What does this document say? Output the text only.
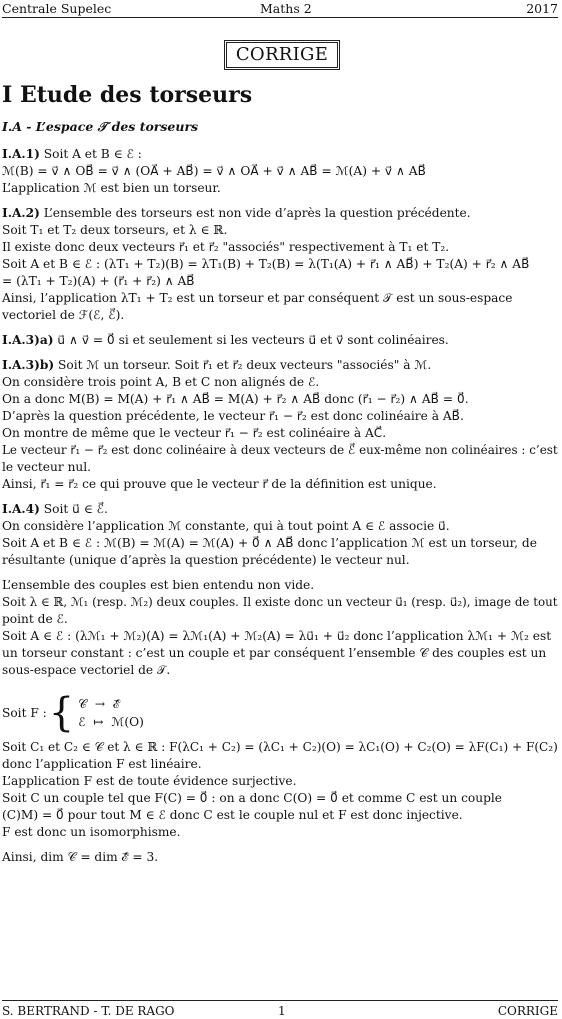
Centrale Supelec	Maths 2	2017
CORRIGE
I Etude des torseurs
I.A - L’espace 𝒯 des torseurs
I.A.1) Soit A et B ∈ ℰ :
ℳ(B) = v⃗ ∧ OB⃗ = v⃗ ∧ (OA⃗ + AB⃗) = v⃗ ∧ OA⃗ + v⃗ ∧ AB⃗ = ℳ(A) + v⃗ ∧ AB⃗
L’application ℳ est bien un torseur.
I.A.2) L’ensemble des torseurs est non vide d’après la question précédente.
Soit T₁ et T₂ deux torseurs, et λ ∈ ℝ.
Il existe donc deux vecteurs r⃗₁ et r⃗₂ "associés" respectivement à T₁ et T₂.
Soit A et B ∈ ℰ : (λT₁ + T₂)(B) = λT₁(B) + T₂(B) = λ(T₁(A) + r⃗₁ ∧ AB⃗) + T₂(A) + r⃗₂ ∧ AB⃗
= (λT₁ + T₂)(A) + (r⃗₁ + r⃗₂) ∧ AB⃗
Ainsi, l’application λT₁ + T₂ est un torseur et par conséquent 𝒯 est un sous-espace
vectoriel de ℱ(ℰ, ℰ⃗).
I.A.3)a) u⃗ ∧ v⃗ = 0⃗ si et seulement si les vecteurs u⃗ et v⃗ sont colinéaires.
I.A.3)b) Soit ℳ un torseur. Soit r⃗₁ et r⃗₂ deux vecteurs "associés" à ℳ.
On considère trois point A, B et C non alignés de ℰ.
On a donc M(B) = M(A) + r⃗₁ ∧ AB⃗ = M(A) + r⃗₂ ∧ AB⃗ donc (r⃗₁ − r⃗₂) ∧ AB⃗ = 0⃗.
D’après la question précédente, le vecteur r⃗₁ − r⃗₂ est donc colinéaire à AB⃗.
On montre de même que le vecteur r⃗₁ − r⃗₂ est colinéaire à AC⃗.
Le vecteur r⃗₁ − r⃗₂ est donc colinéaire à deux vecteurs de ℰ⃗ eux-même non colinéaires : c’est
le vecteur nul.
Ainsi, r⃗₁ = r⃗₂ ce qui prouve que le vecteur r⃗ de la définition est unique.
I.A.4) Soit u⃗ ∈ ℰ⃗.
On considère l’application ℳ constante, qui à tout point A ∈ ℰ associe u⃗.
Soit A et B ∈ ℰ : ℳ(B) = ℳ(A) = ℳ(A) + 0⃗ ∧ AB⃗ donc l’application ℳ est un torseur, de
résultante (unique d’après la question précédente) le vecteur nul.
L’ensemble des couples est bien entendu non vide.
Soit λ ∈ ℝ, ℳ₁ (resp. ℳ₂) deux couples. Il existe donc un vecteur u⃗₁ (resp. u⃗₂), image de tout
point de ℰ.
Soit A ∈ ℰ : (λℳ₁ + ℳ₂)(A) = λℳ₁(A) + ℳ₂(A) = λu⃗₁ + u⃗₂ donc l’application λℳ₁ + ℳ₂ est
un torseur constant : c’est un couple et par conséquent l’ensemble 𝒞 des couples est un
sous-espace vectoriel de 𝒯.
Soit F : { 𝒞  →  ℰ⃗
ℰ  ↦  ℳ(O)
Soit C₁ et C₂ ∈ 𝒞 et λ ∈ ℝ : F(λC₁ + C₂) = (λC₁ + C₂)(O) = λC₁(O) + C₂(O) = λF(C₁) + F(C₂)
donc l’application F est linéaire.
L’application F est de toute évidence surjective.
Soit C un couple tel que F(C) = 0⃗ : on a donc C(O) = 0⃗ et comme C est un couple
(C)M) = 0⃗ pour tout M ∈ ℰ donc C est le couple nul et F est donc injective.
F est donc un isomorphisme.
Ainsi, dim 𝒞 = dim ℰ⃗ = 3.
S. BERTRAND - T. DE RAGO	1	CORRIGE
